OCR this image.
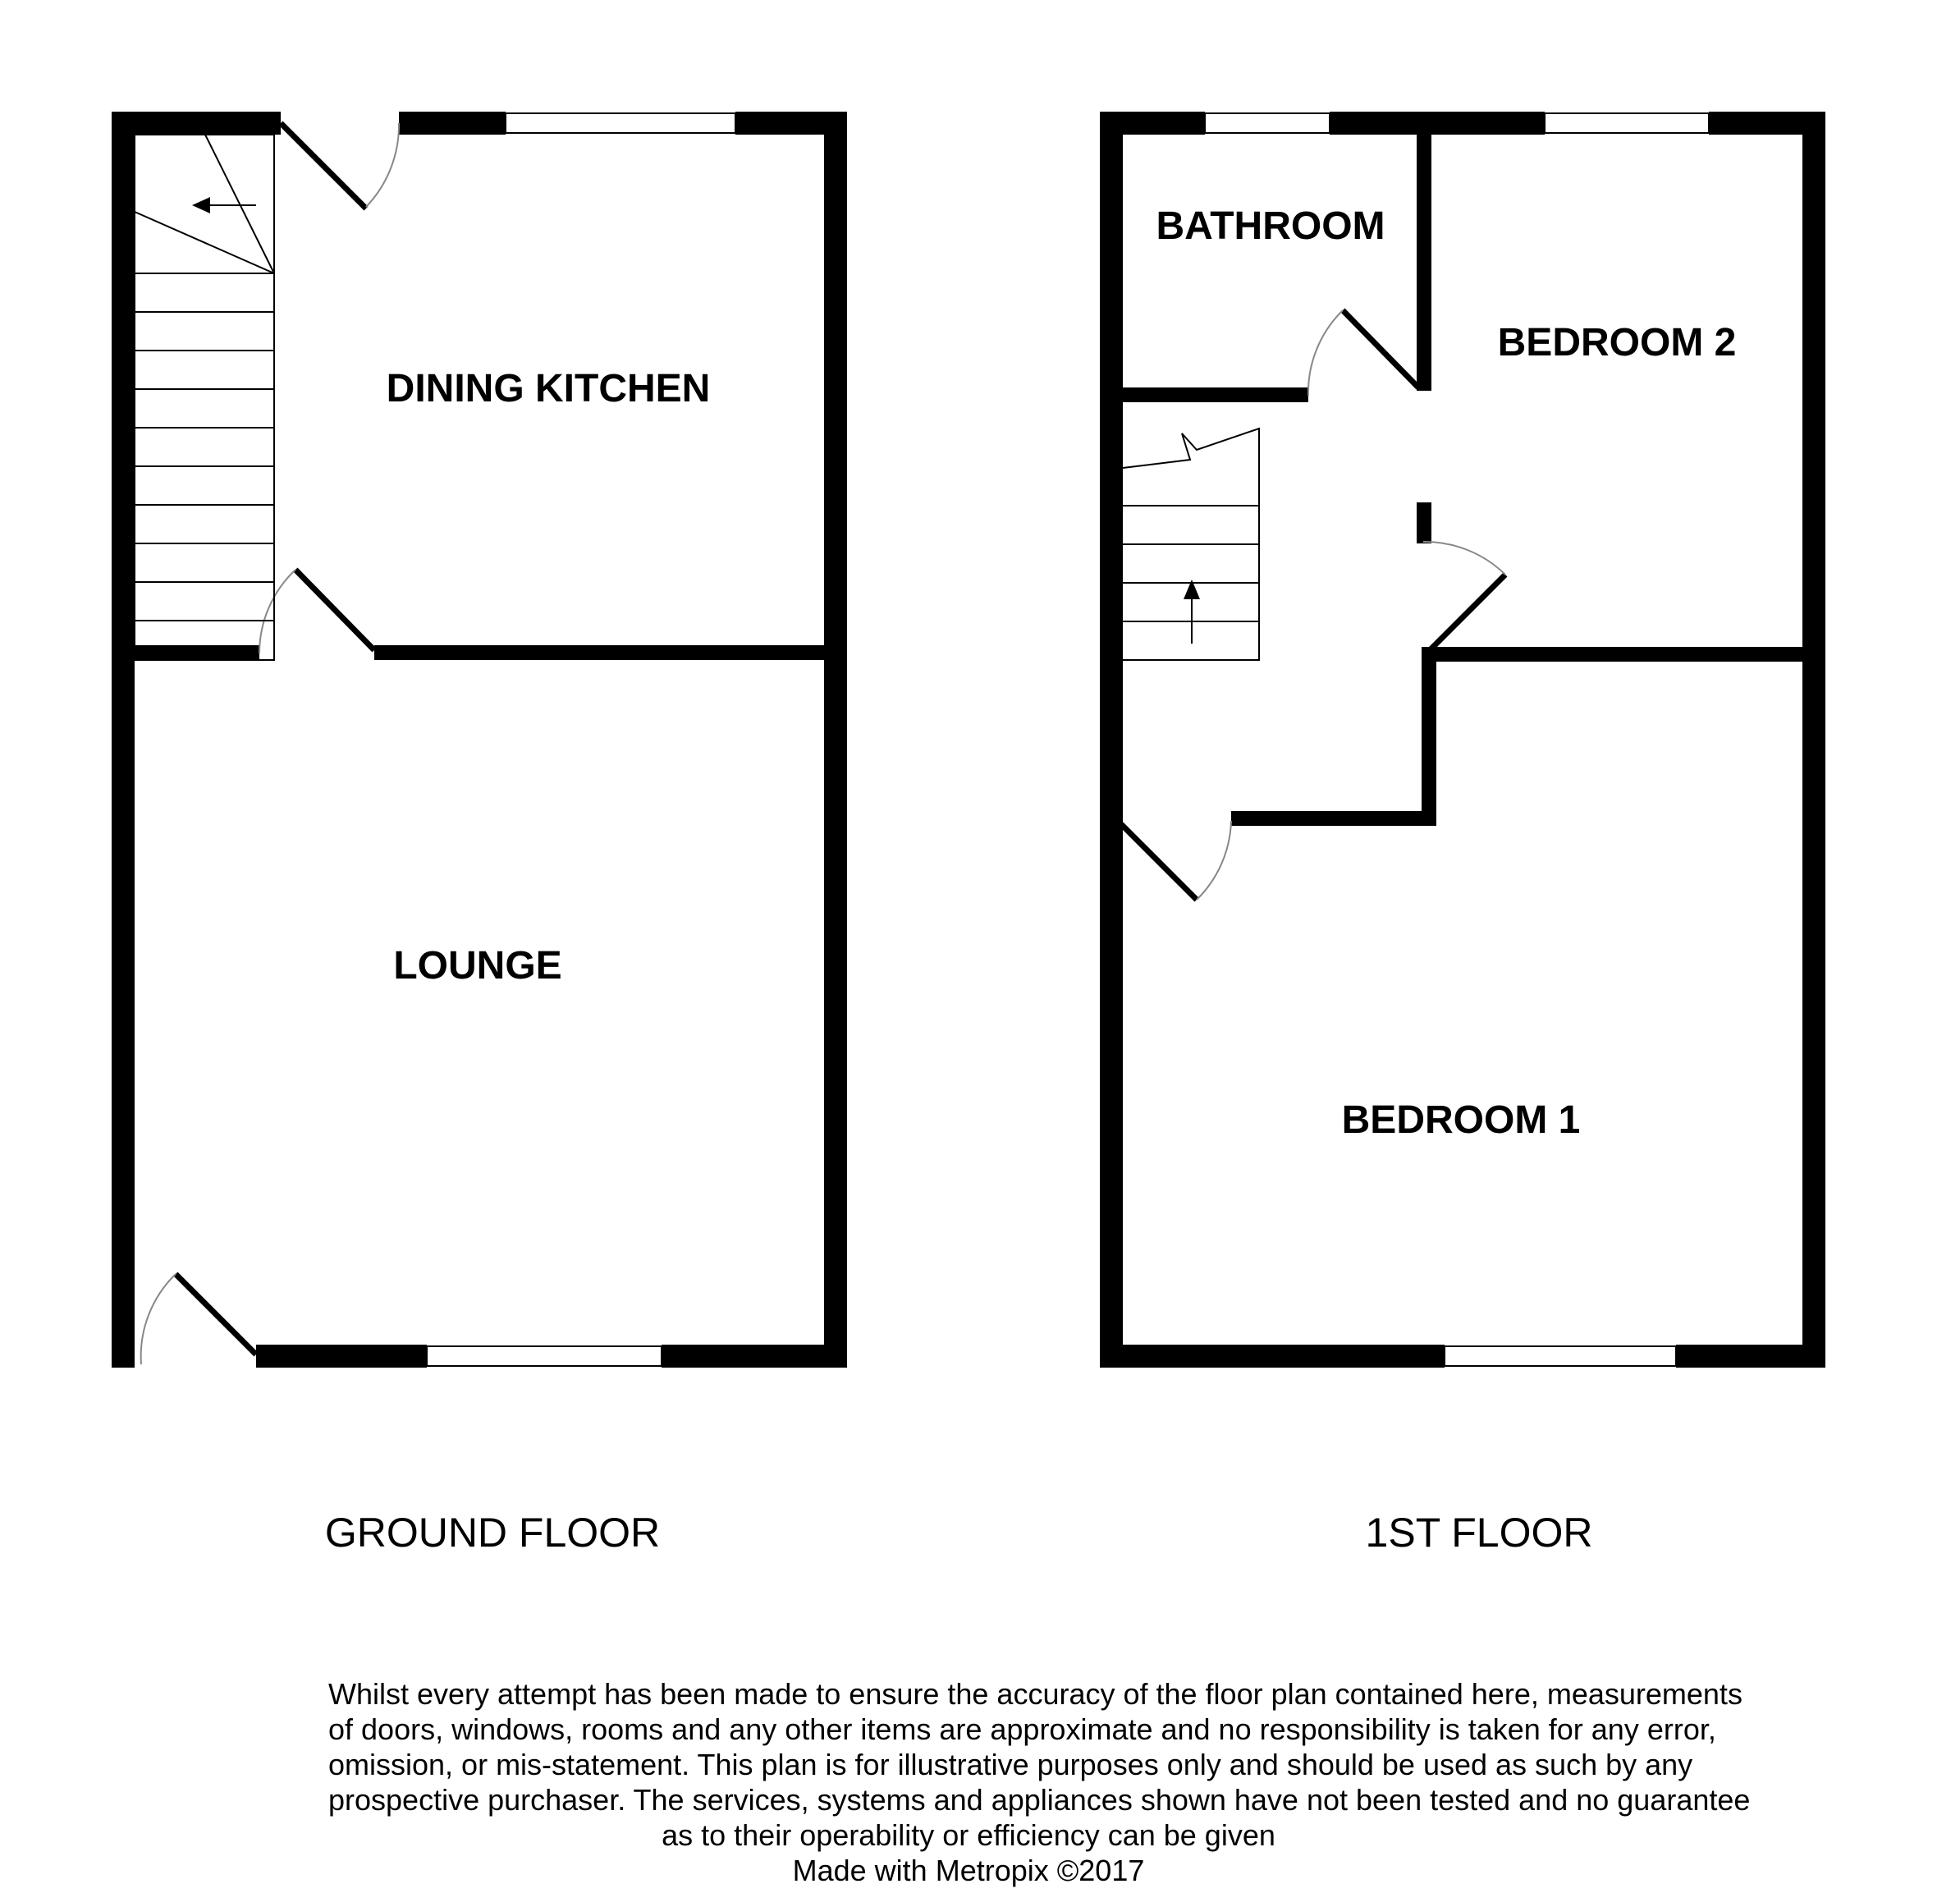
DINING KITCHEN
LOUNGE
GROUND FLOOR
BATHROOM
BEDROOM 2
BEDROOM 1
1ST FLOOR
Whilst every attempt has been made to ensure the accuracy of the floor plan contained here, measurements
of doors, windows, rooms and any other items are approximate and no responsibility is taken for any error,
omission, or mis-statement. This plan is for illustrative purposes only and should be used as such by any
prospective purchaser. The services, systems and appliances shown have not been tested and no guarantee
as to their operability or efficiency can be given
Made with Metropix ©2017
